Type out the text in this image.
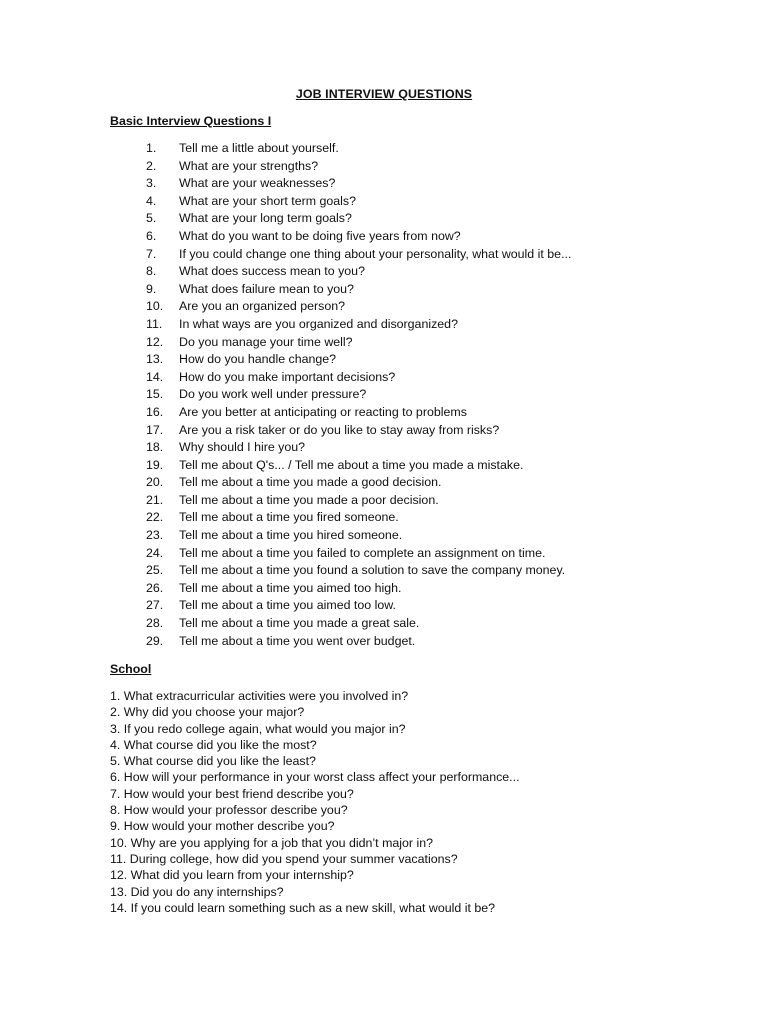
JOB INTERVIEW QUESTIONS
Basic Interview Questions I
1.	Tell me a little about yourself.
2.	What are your strengths?
3.	What are your weaknesses?
4.	What are your short term goals?
5.	What are your long term goals?
6.	What do you want to be doing five years from now?
7.	If you could change one thing about your personality, what would it be...
8.	What does success mean to you?
9.	What does failure mean to you?
10.	Are you an organized person?
11.	In what ways are you organized and disorganized?
12.	Do you manage your time well?
13.	How do you handle change?
14.	How do you make important decisions?
15.	Do you work well under pressure?
16.	Are you better at anticipating or reacting to problems
17.	Are you a risk taker or do you like to stay away from risks?
18.	Why should I hire you?
19.	Tell me about Q's... / Tell me about a time you made a mistake.
20.	Tell me about a time you made a good decision.
21.	Tell me about a time you made a poor decision.
22.	Tell me about a time you fired someone.
23.	Tell me about a time you hired someone.
24.	Tell me about a time you failed to complete an assignment on time.
25.	Tell me about a time you found a solution to save the company money.
26.	Tell me about a time you aimed too high.
27.	Tell me about a time you aimed too low.
28.	Tell me about a time you made a great sale.
29.	Tell me about a time you went over budget.
School
1. What extracurricular activities were you involved in?
2. Why did you choose your major?
3. If you redo college again, what would you major in?
4. What course did you like the most?
5. What course did you like the least?
6. How will your performance in your worst class affect your performance...
7. How would your best friend describe you?
8. How would your professor describe you?
9. How would your mother describe you?
10. Why are you applying for a job that you didn’t major in?
11. During college, how did you spend your summer vacations?
12. What did you learn from your internship?
13. Did you do any internships?
14. If you could learn something such as a new skill, what would it be?
